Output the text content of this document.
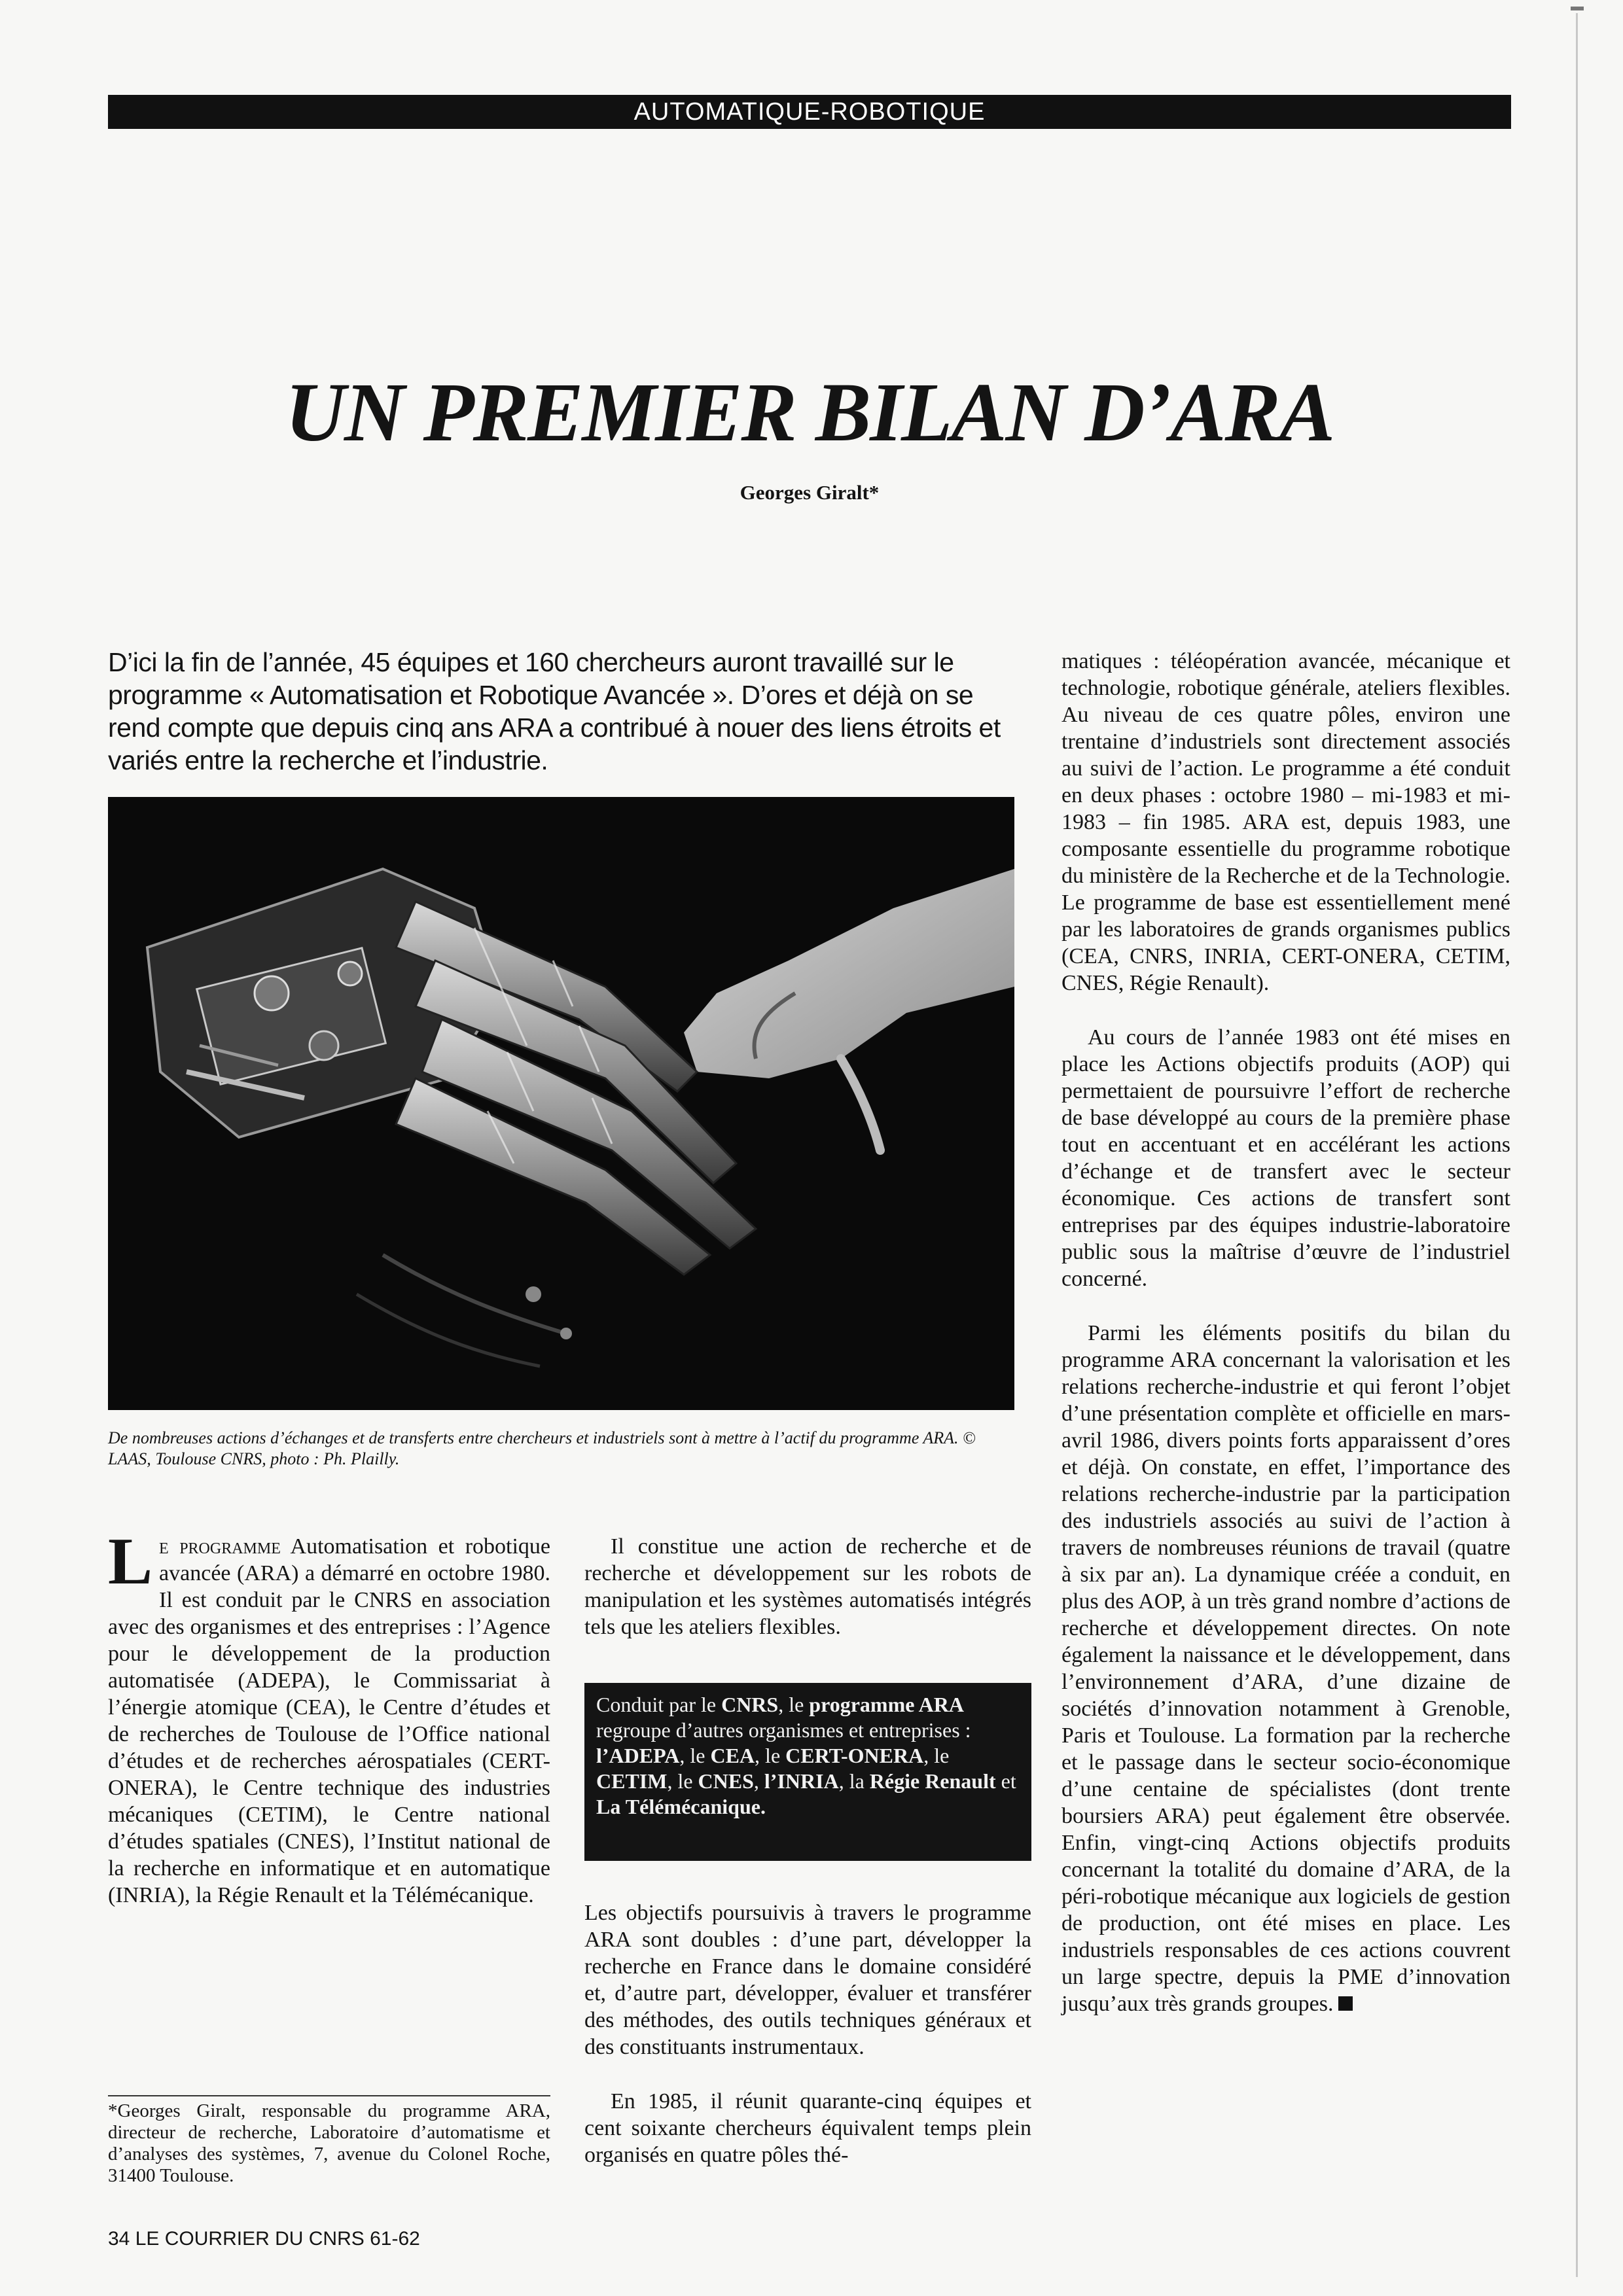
AUTOMATIQUE-ROBOTIQUE
UN PREMIER BILAN D’ARA
Georges Giralt*
D’ici la fin de l’année, 45 équipes et 160 chercheurs auront travaillé sur le programme « Automatisation et Robotique Avancée ». D’ores et déjà on se rend compte que depuis cinq ans ARA a contribué à nouer des liens étroits et variés entre la recherche et l’industrie.
De nombreuses actions d’échanges et de transferts entre chercheurs et industriels sont à mettre à l’actif du programme ARA. © LAAS, Toulouse CNRS, photo : Ph. Plailly.

Le programme Automatisation et robotique avancée (ARA) a démarré en octobre 1980. Il est conduit par le CNRS en association avec des organismes et des entreprises : l’Agence pour le développement de la production automatisée (ADEPA), le Commissariat à l’énergie atomique (CEA), le Centre d’études et de recherches de Toulouse de l’Office national d’études et de recherches aérospatiales (CERT-ONERA), le Centre technique des industries mécaniques (CETIM), le Centre national d’études spatiales (CNES), l’Institut national de la recherche en informatique et en automatique (INRIA), la Régie Renault et la Télémécanique.

Il constitue une action de recherche et de recherche et développement sur les robots de manipulation et les systèmes automatisés intégrés tels que les ateliers flexibles.

Conduit par le CNRS, le programme ARA regroupe d’autres organismes et entreprises : l’ADEPA, le CEA, le CERT-ONERA, le CETIM, le CNES, l’INRIA, la Régie Renault et La Télémécanique.

Les objectifs poursuivis à travers le programme ARA sont doubles : d’une part, développer la recherche en France dans le domaine considéré et, d’autre part, développer, évaluer et transférer des méthodes, des outils techniques généraux et des constituants instrumentaux.

En 1985, il réunit quarante-cinq équipes et cent soixante chercheurs équivalent temps plein organisés en quatre pôles thé-

matiques : téléopération avancée, mécanique et technologie, robotique générale, ateliers flexibles. Au niveau de ces quatre pôles, environ une trentaine d’industriels sont directement associés au suivi de l’action. Le programme a été conduit en deux phases : octobre 1980 – mi-1983 et mi-1983 – fin 1985. ARA est, depuis 1983, une composante essentielle du programme robotique du ministère de la Recherche et de la Technologie. Le programme de base est essentiellement mené par les laboratoires de grands organismes publics (CEA, CNRS, INRIA, CERT-ONERA, CETIM, CNES, Régie Renault).

Au cours de l’année 1983 ont été mises en place les Actions objectifs produits (AOP) qui permettaient de poursuivre l’effort de recherche de base développé au cours de la première phase tout en accentuant et en accélérant les actions d’échange et de transfert avec le secteur économique. Ces actions de transfert sont entreprises par des équipes industrie-laboratoire public sous la maîtrise d’œuvre de l’industriel concerné.

Parmi les éléments positifs du bilan du programme ARA concernant la valorisation et les relations recherche-industrie et qui feront l’objet d’une présentation complète et officielle en mars-avril 1986, divers points forts apparaissent d’ores et déjà. On constate, en effet, l’importance des relations recherche-industrie par la participation des industriels associés au suivi de l’action à travers de nombreuses réunions de travail (quatre à six par an). La dynamique créée a conduit, en plus des AOP, à un très grand nombre d’actions de recherche et développement directes. On note également la naissance et le développement, dans l’environnement d’ARA, d’une dizaine de sociétés d’innovation notamment à Grenoble, Paris et Toulouse. La formation par la recherche et le passage dans le secteur socio-économique d’une centaine de spécialistes (dont trente boursiers ARA) peut également être observée. Enfin, vingt-cinq Actions objectifs produits concernant la totalité du domaine d’ARA, de la péri-robotique mécanique aux logiciels de gestion de production, ont été mises en place. Les industriels responsables de ces actions couvrent un large spectre, depuis la PME d’innovation jusqu’aux très grands groupes.

*Georges Giralt, responsable du programme ARA, directeur de recherche, Laboratoire d’automatisme et d’analyses des systèmes, 7, avenue du Colonel Roche, 31400 Toulouse.
34 LE COURRIER DU CNRS 61-62
